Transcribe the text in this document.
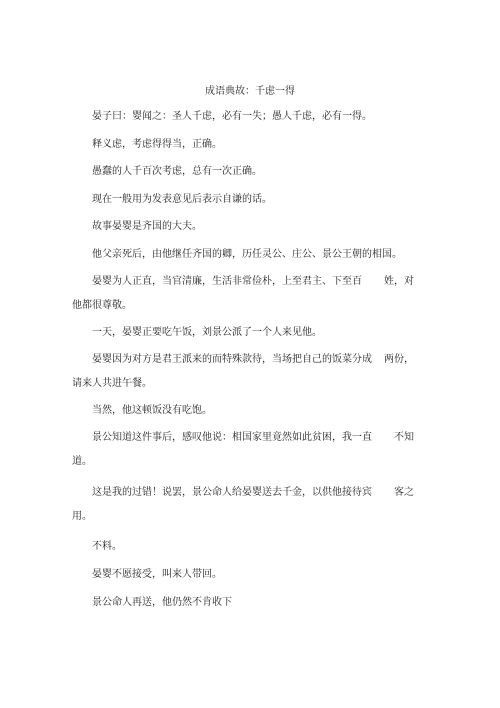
成语典故：千虑一得
晏子曰：婴闻之：圣人千虑，必有一失；愚人千虑，必有一得。
释义虑，考虑得得当，正确。
愚蠢的人千百次考虑，总有一次正确。
现在一般用为发表意见后表示自谦的话。
故事晏婴是齐国的大夫。
他父亲死后，由他继任齐国的卿，历任灵公、庄公、景公王朝的相国。
晏婴为人正直，当官清廉，生活非常俭朴，上至君主、下至百 姓，对
他都很尊敬。
一天，晏婴正要吃午饭，刘景公派了一个人来见他。
晏婴因为对方是君王派来的而特殊款待，当场把自己的饭菜分成 两份，
请来人共进午餐。
当然，他这顿饭没有吃饱。
景公知道这件事后，感叹他说：相国家里竟然如此贫困，我一直 不知
道。
这是我的过错！说罢，景公命人给晏婴送去千金，以供他接待宾 客之
用。
不料。
晏婴不愿接受，叫来人带回。
景公命人再送，他仍然不肯收下
